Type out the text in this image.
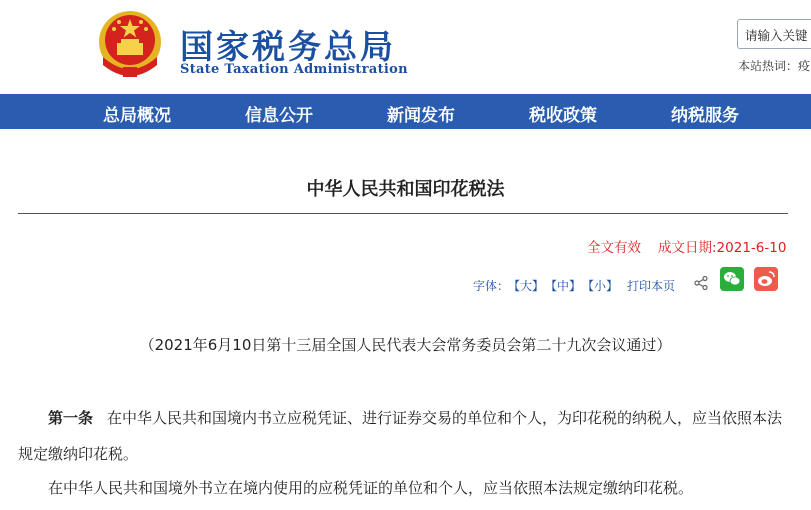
国家税务总局
State Taxation Administration
请输入关键
本站热词：疫
总局概况	信息公开	新闻发布	税收政策	纳税服务
中华人民共和国印花税法
全文有效 成文日期:2021-6-10
字体：
【大】 【中】 【小】 打印本页
（2021年6月10日第十三届全国人民代表大会常务委员会第二十九次会议通过）
第一条 在中华人民共和国境内书立应税凭证、进行证券交易的单位和个人，为印花税的纳税人，应当依照本法规定缴纳印花税。
在中华人民共和国境外书立在境内使用的应税凭证的单位和个人，应当依照本法规定缴纳印花税。
